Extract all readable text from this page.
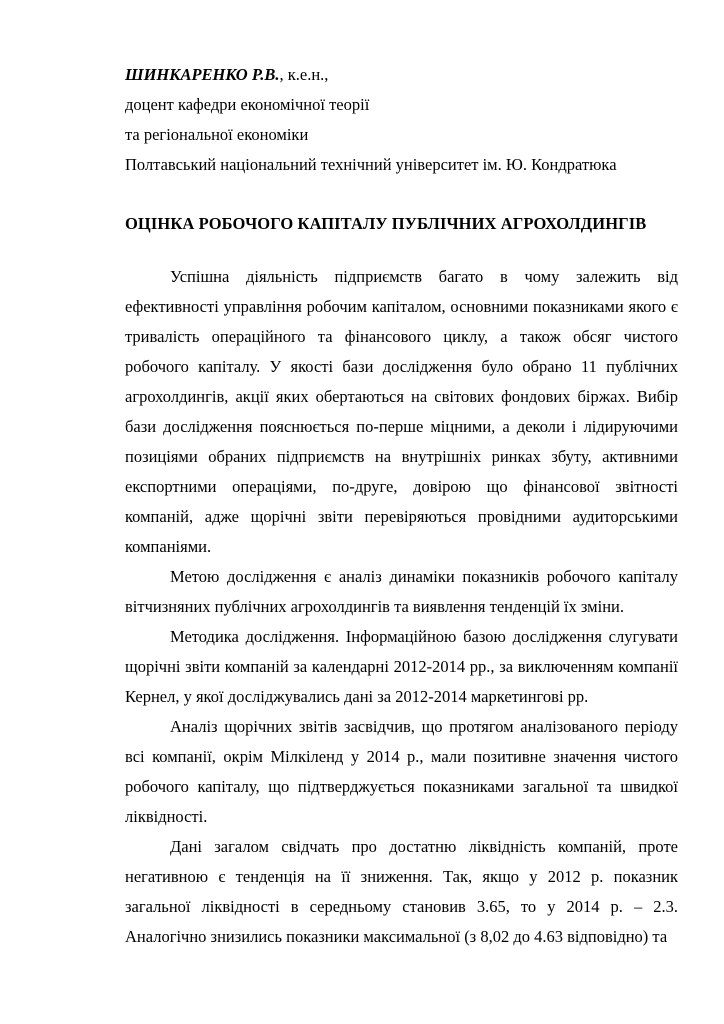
ШИНКАРЕНКО Р.В., к.е.н.,
доцент кафедри економічної теорії
та регіональної економіки
Полтавський національний технічний університет ім. Ю. Кондратюка
ОЦІНКА РОБОЧОГО КАПІТАЛУ ПУБЛІЧНИХ АГРОХОЛДИНГІВ

Успішна діяльність підприємств багато в чому залежить від ефективності управління робочим капіталом, основними показниками якого є тривалість операційного та фінансового циклу, а також обсяг чистого робочого капіталу. У якості бази дослідження було обрано 11 публічних агрохолдингів, акції яких обертаються на світових фондових біржах. Вибір бази дослідження пояснюється по-перше міцними, а деколи і лідируючими позиціями обраних підприємств на внутрішніх ринках збуту, активними експортними операціями, по-друге, довірою що фінансової звітності компаній, адже щорічні звіти перевіряються провідними аудиторськими компаніями.

Метою дослідження є аналіз динаміки показників робочого капіталу вітчизняних публічних агрохолдингів та виявлення тенденцій їх зміни.

Методика дослідження. Інформаційною базою дослідження слугувати щорічні звіти компаній за календарні 2012-2014 рр., за виключенням компанії Кернел, у якої досліджувались дані за 2012-2014 маркетингові рр.

Аналіз щорічних звітів засвідчив, що протягом аналізованого періоду всі компанії, окрім Мілкіленд у 2014 р., мали позитивне значення чистого робочого капіталу, що підтверджується показниками загальної та швидкої ліквідності.

Дані загалом свідчать про достатню ліквідність компаній, проте негативною є тенденція на її зниження. Так, якщо у 2012 р. показник загальної ліквідності в середньому становив 3.65, то у 2014 р. – 2.3. Аналогічно знизились показники максимальної (з 8,02 до 4.63 відповідно) та
